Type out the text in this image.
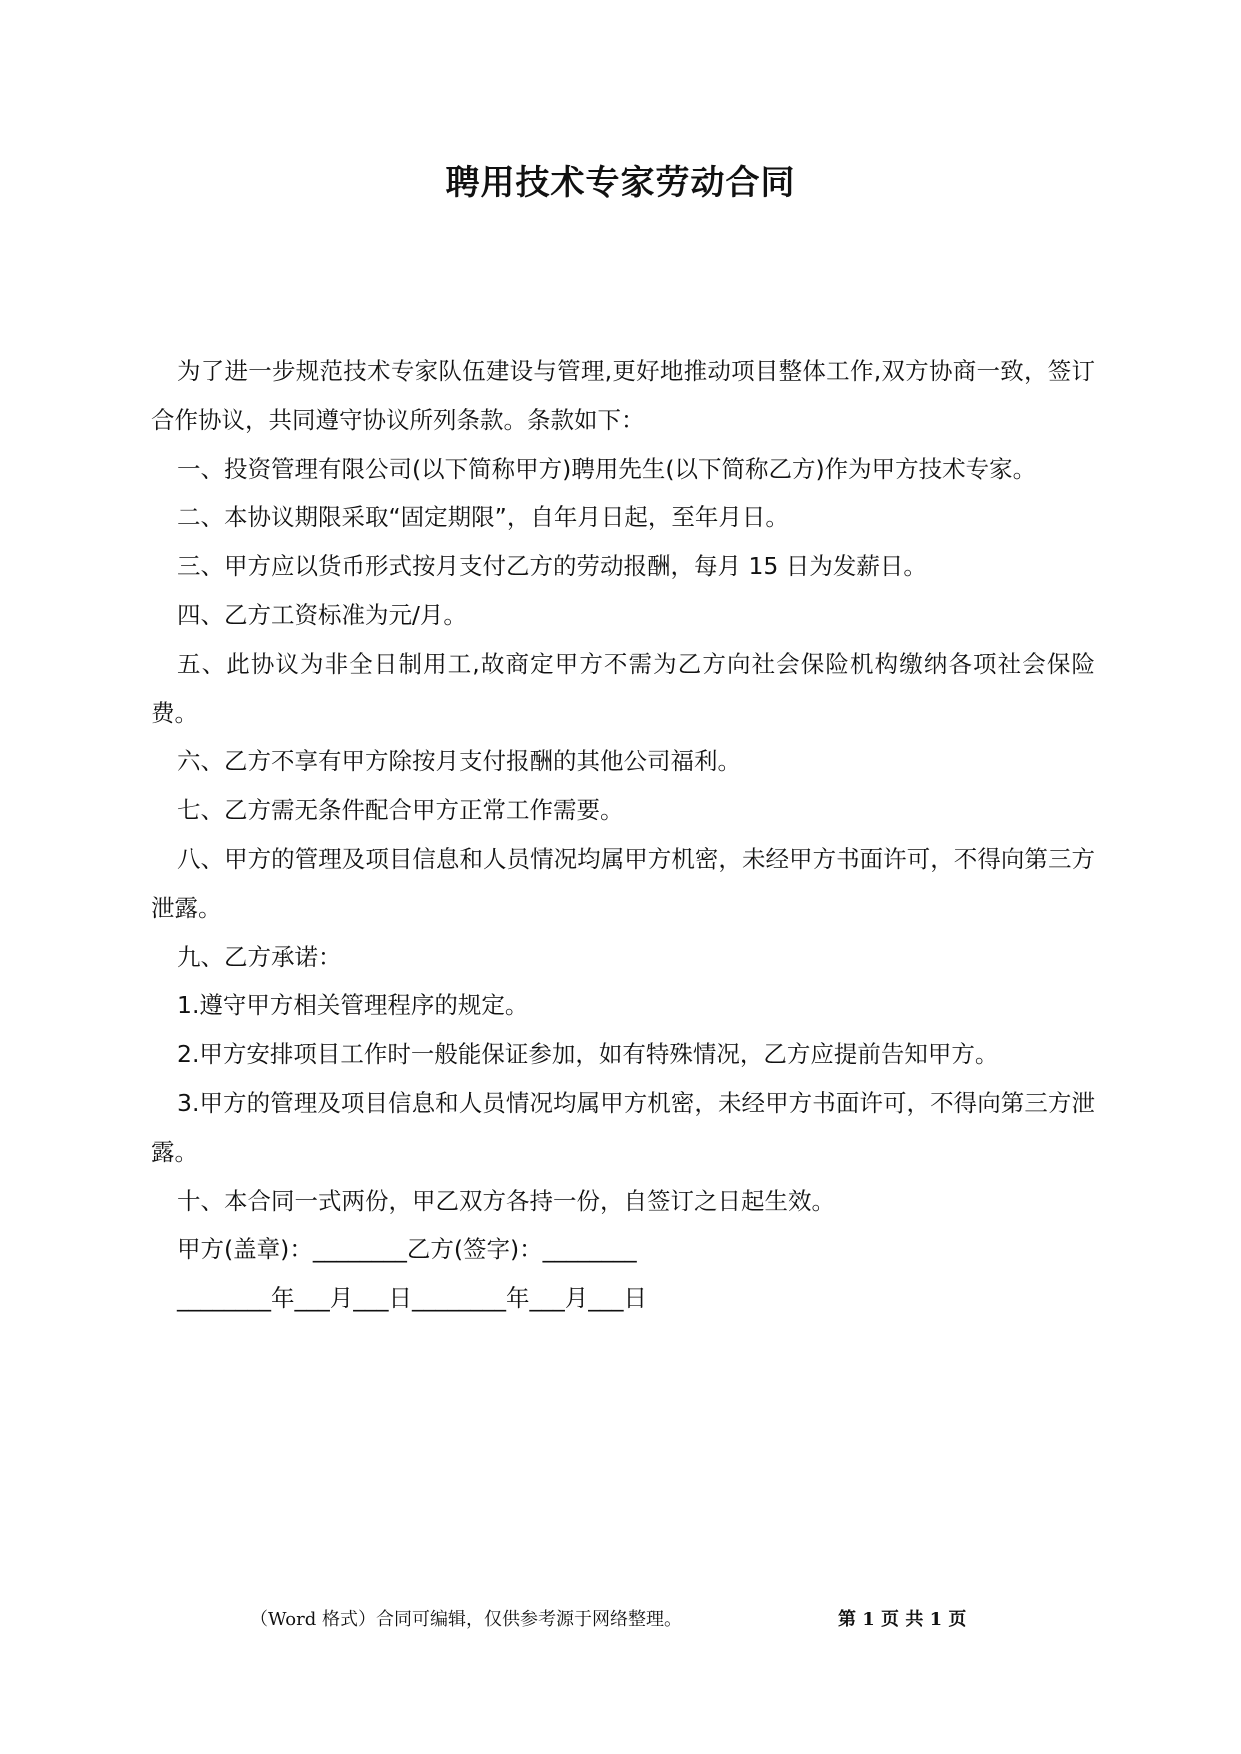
聘用技术专家劳动合同

为了进一步规范技术专家队伍建设与管理,更好地推动项目整体工作,双方协商一致，签订合作协议，共同遵守协议所列条款。条款如下：

一、投资管理有限公司(以下简称甲方)聘用先生(以下简称乙方)作为甲方技术专家。

二、本协议期限采取“固定期限”，自年月日起，至年月日。

三、甲方应以货币形式按月支付乙方的劳动报酬，每月 15 日为发薪日。

四、乙方工资标准为元/月。

五、此协议为非全日制用工,故商定甲方不需为乙方向社会保险机构缴纳各项社会保险费。

六、乙方不享有甲方除按月支付报酬的其他公司福利。

七、乙方需无条件配合甲方正常工作需要。

八、甲方的管理及项目信息和人员情况均属甲方机密，未经甲方书面许可，不得向第三方泄露。

九、乙方承诺：

1.遵守甲方相关管理程序的规定。

2.甲方安排项目工作时一般能保证参加，如有特殊情况，乙方应提前告知甲方。

3.甲方的管理及项目信息和人员情况均属甲方机密，未经甲方书面许可，不得向第三方泄露。

十、本合同一式两份，甲乙双方各持一份，自签订之日起生效。

甲方(盖章)：________乙方(签字)：________

________年___月___日________年___月___日

（Word 格式）合同可编辑，仅供参考源于网络整理。	第 1 页 共 1 页
